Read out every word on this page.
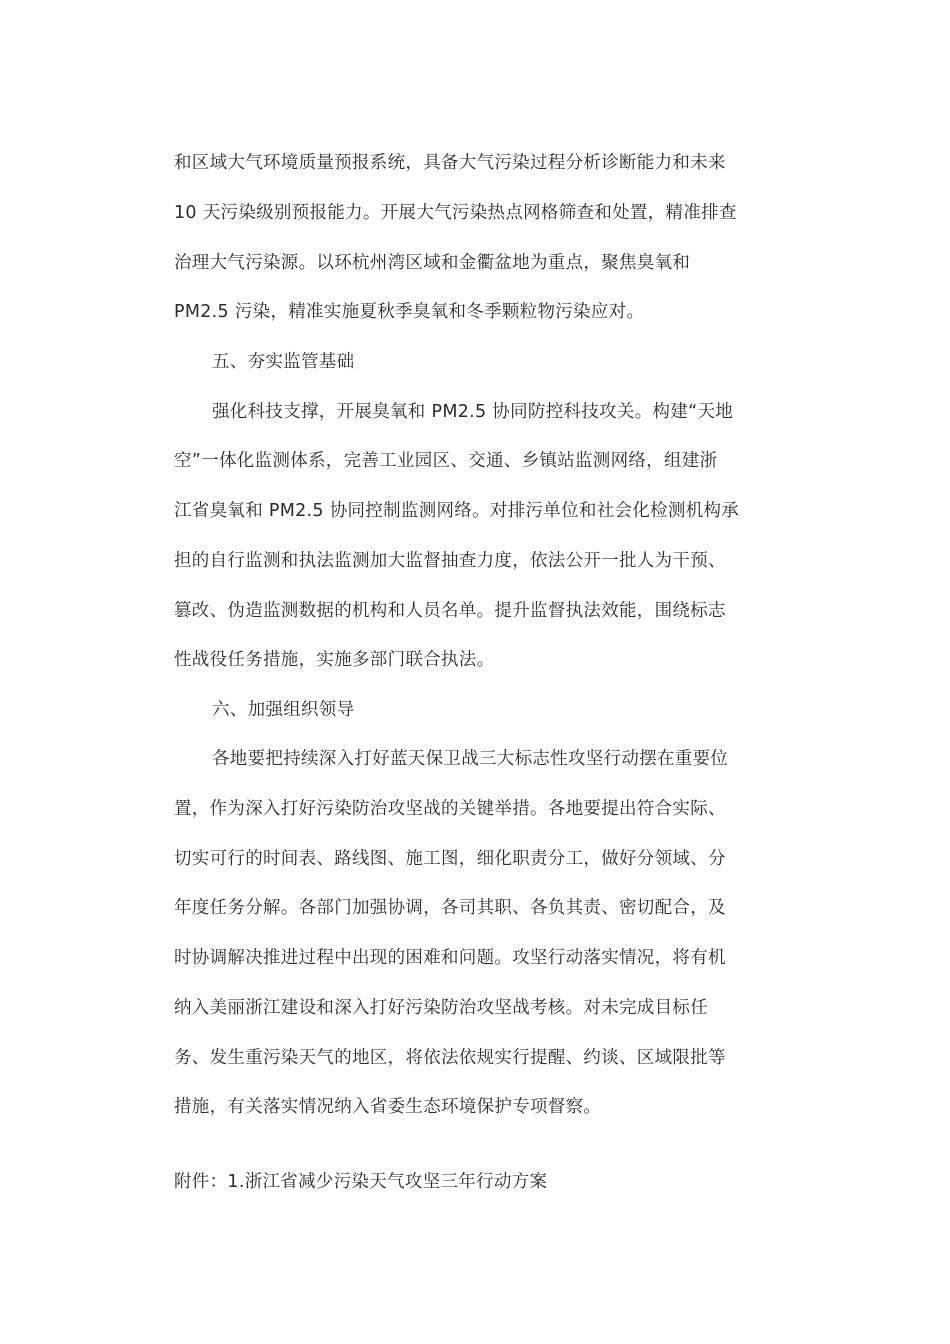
和区域大气环境质量预报系统，具备大气污染过程分析诊断能力和未来
10 天污染级别预报能力。开展大气污染热点网格筛查和处置，精准排查
治理大气污染源。以环杭州湾区域和金衢盆地为重点，聚焦臭氧和
PM2.5 污染，精准实施夏秋季臭氧和冬季颗粒物污染应对。
五、夯实监管基础
强化科技支撑，开展臭氧和 PM2.5 协同防控科技攻关。构建“天地
空”一体化监测体系，完善工业园区、交通、乡镇站监测网络，组建浙
江省臭氧和 PM2.5 协同控制监测网络。对排污单位和社会化检测机构承
担的自行监测和执法监测加大监督抽查力度，依法公开一批人为干预、
篡改、伪造监测数据的机构和人员名单。提升监督执法效能，围绕标志
性战役任务措施，实施多部门联合执法。
六、加强组织领导
各地要把持续深入打好蓝天保卫战三大标志性攻坚行动摆在重要位
置，作为深入打好污染防治攻坚战的关键举措。各地要提出符合实际、
切实可行的时间表、路线图、施工图，细化职责分工，做好分领域、分
年度任务分解。各部门加强协调，各司其职、各负其责、密切配合，及
时协调解决推进过程中出现的困难和问题。攻坚行动落实情况，将有机
纳入美丽浙江建设和深入打好污染防治攻坚战考核。对未完成目标任
务、发生重污染天气的地区，将依法依规实行提醒、约谈、区域限批等
措施，有关落实情况纳入省委生态环境保护专项督察。
附件：1.浙江省减少污染天气攻坚三年行动方案
